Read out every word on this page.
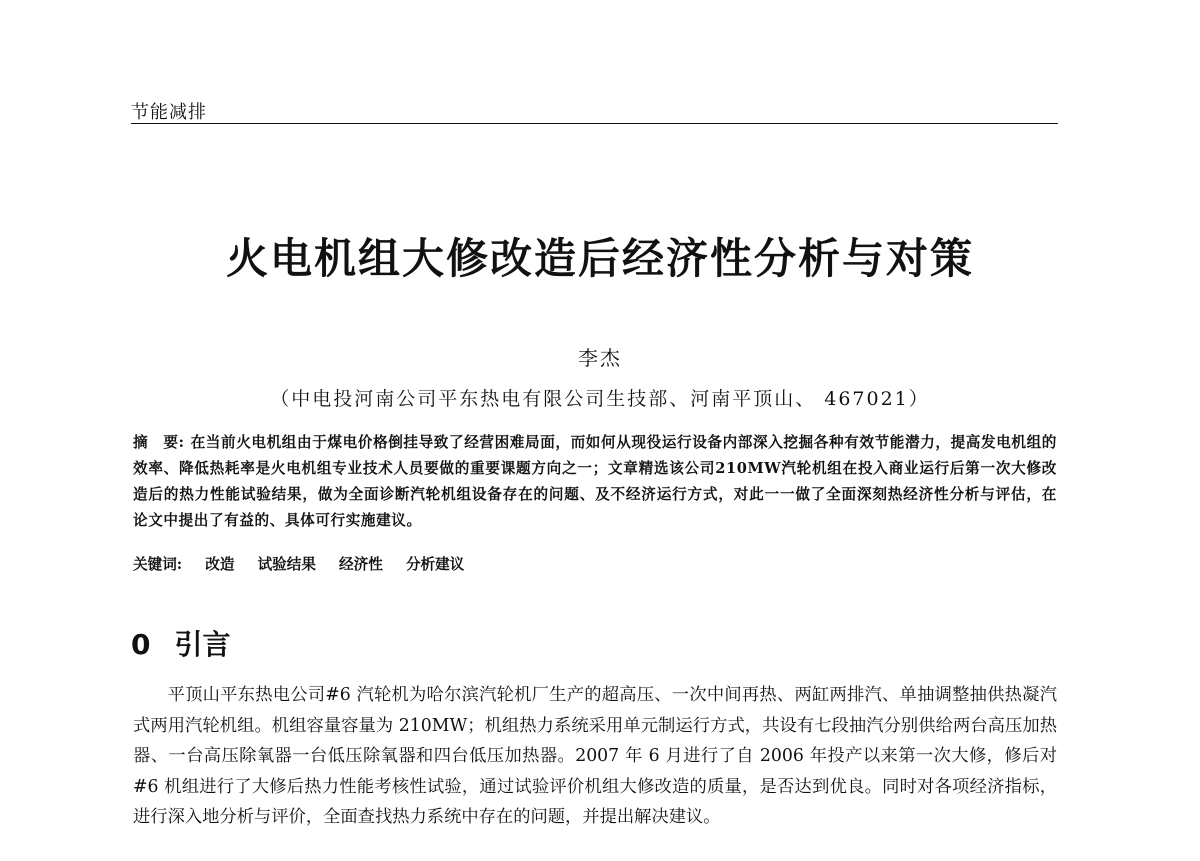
节能减排
火电机组大修改造后经济性分析与对策
李杰
（中电投河南公司平东热电有限公司生技部、河南平顶山、 467021）
摘　要: 在当前火电机组由于煤电价格倒挂导致了经营困难局面，而如何从现役运行设备内部深入挖掘各种有效节能潜力，提高发电机组的效率、降低热耗率是火电机组专业技术人员要做的重要课题方向之一；文章精选该公司210MW汽轮机组在投入商业运行后第一次大修改造后的热力性能试验结果，做为全面诊断汽轮机组设备存在的问题、及不经济运行方式，对此一一做了全面深刻热经济性分析与评估，在论文中提出了有益的、具体可行实施建议。
关键词: 改造 试验结果 经济性 分析建议
0 引言
平顶山平东热电公司#6 汽轮机为哈尔滨汽轮机厂生产的超高压、一次中间再热、两缸两排汽、单抽调整抽供热凝汽式两用汽轮机组。机组容量容量为 210MW；机组热力系统采用单元制运行方式，共设有七段抽汽分别供给两台高压加热器、一台高压除氧器一台低压除氧器和四台低压加热器。2007 年 6 月进行了自 2006 年投产以来第一次大修，修后对#6 机组进行了大修后热力性能考核性试验，通过试验评价机组大修改造的质量，是否达到优良。同时对各项经济指标，进行深入地分析与评价，全面查找热力系统中存在的问题，并提出解决建议。
